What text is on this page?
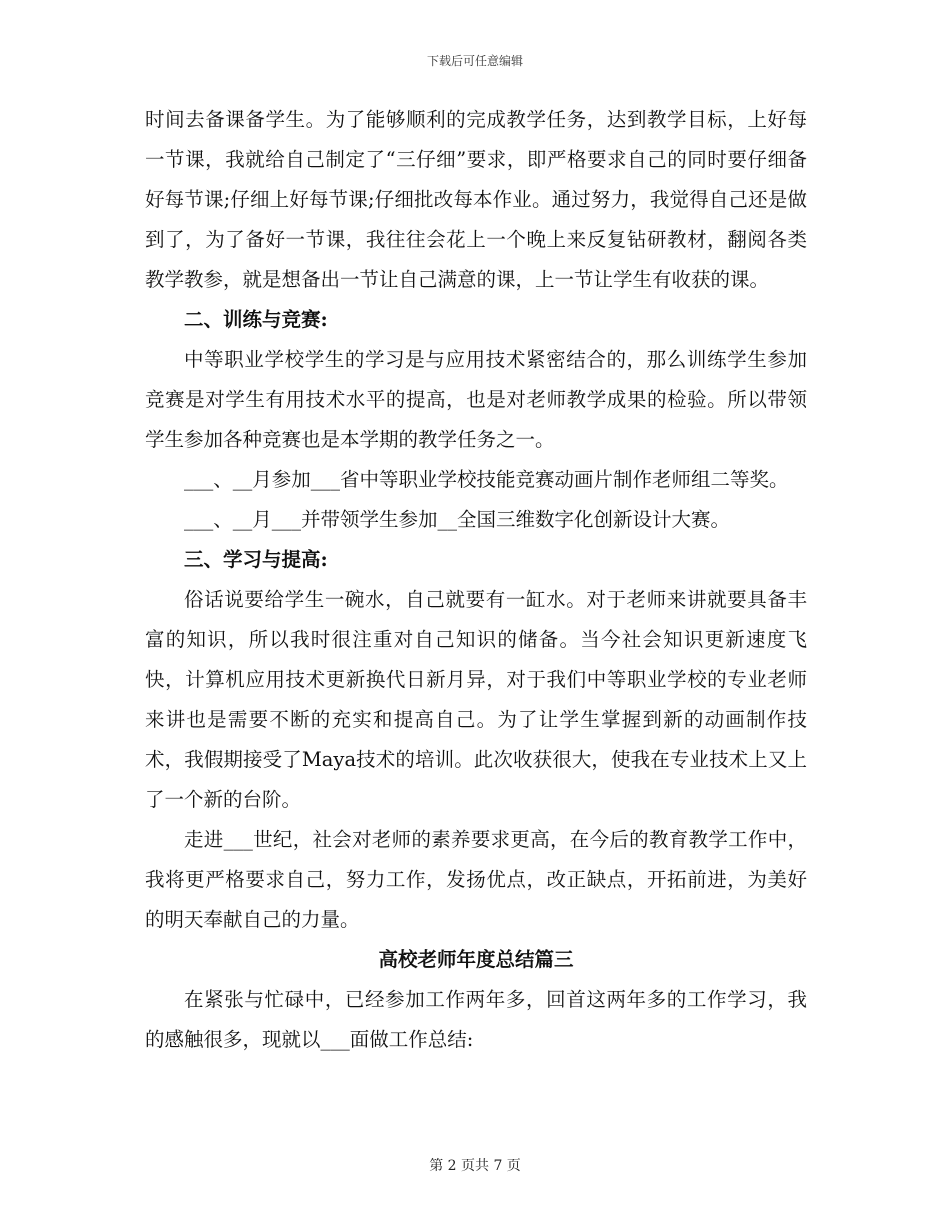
下载后可任意编辑

时间去备课备学生。为了能够顺利的完成教学任务，达到教学目标，上好每一节课，我就给自己制定了“三仔细”要求，即严格要求自己的同时要仔细备好每节课;仔细上好每节课;仔细批改每本作业。通过努力，我觉得自己还是做到了，为了备好一节课，我往往会花上一个晚上来反复钻研教材，翻阅各类教学教参，就是想备出一节让自己满意的课，上一节让学生有收获的课。

二、训练与竞赛:

中等职业学校学生的学习是与应用技术紧密结合的，那么训练学生参加竞赛是对学生有用技术水平的提高，也是对老师教学成果的检验。所以带领学生参加各种竞赛也是本学期的教学任务之一。

___、__月参加___省中等职业学校技能竞赛动画片制作老师组二等奖。

___、__月___并带领学生参加__全国三维数字化创新设计大赛。

三、学习与提高:

俗话说要给学生一碗水，自己就要有一缸水。对于老师来讲就要具备丰富的知识，所以我时很注重对自己知识的储备。当今社会知识更新速度飞快，计算机应用技术更新换代日新月异，对于我们中等职业学校的专业老师来讲也是需要不断的充实和提高自己。为了让学生掌握到新的动画制作技术，我假期接受了Maya技术的培训。此次收获很大，使我在专业技术上又上了一个新的台阶。

走进___世纪，社会对老师的素养要求更高，在今后的教育教学工作中，我将更严格要求自己，努力工作，发扬优点，改正缺点，开拓前进，为美好的明天奉献自己的力量。

高校老师年度总结篇三

在紧张与忙碌中，已经参加工作两年多，回首这两年多的工作学习，我的感触很多，现就以___面做工作总结:

第 2 页共 7 页
